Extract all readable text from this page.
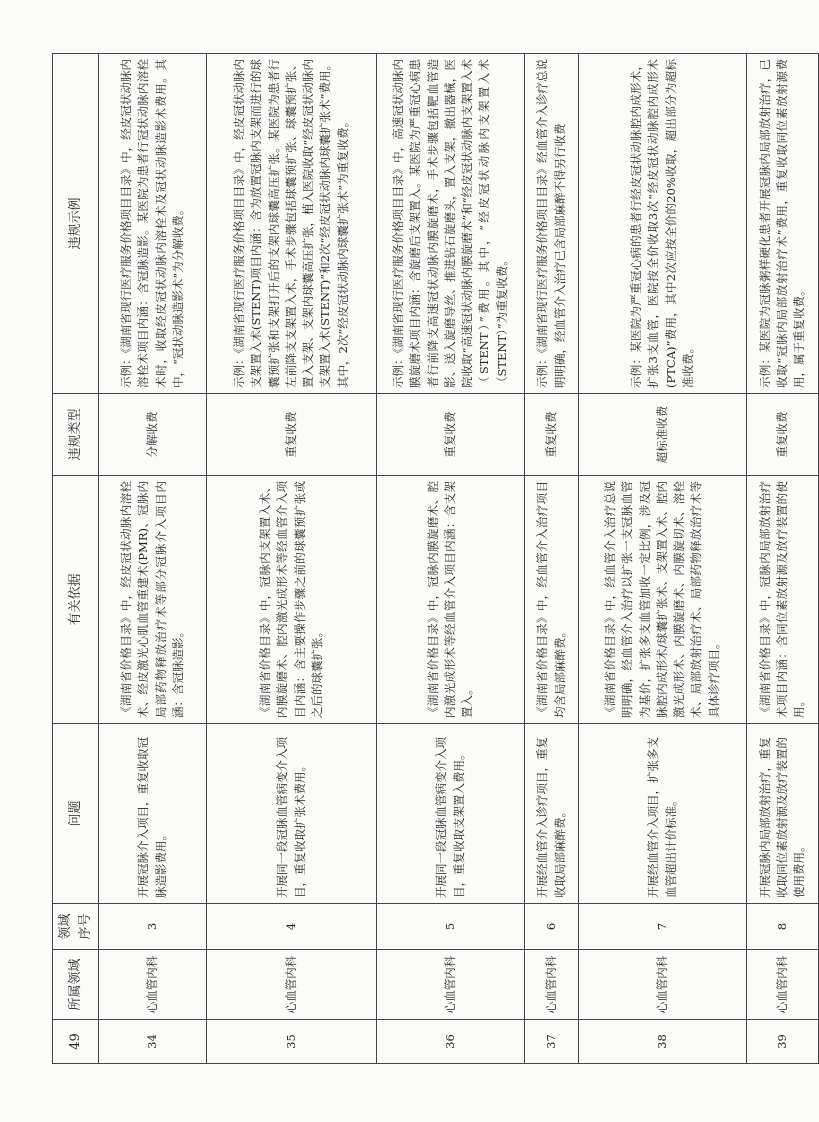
49	所属领域	领域序号	问题	有关依据	违规类型	违规示例
34	心血管内科	3	开展冠脉介入项目，重复收取冠脉造影费用。	《湖南省价格目录》中，经皮冠状动脉内溶栓术、经皮激光心肌血管重建术(PMR)、冠脉内局部药物释放治疗术等部分冠脉介入项目内涵：含冠脉造影。	分解收费	示例：《湖南省现行医疗服务价格项目目录》中，经皮冠状动脉内溶栓术项目内涵：含冠脉造影。某医院为患者行冠状动脉内溶栓术时，收取经皮冠状动脉内溶栓术及冠状动脉造影术费用。其中，“冠状动脉造影术”为分解收费。
35	心血管内科	4	开展同一段冠脉血管病变介入项目，重复收取扩张术费用。	《湖南省价格目录》中，冠脉内支架置入术、内膜旋磨术、腔内激光成形术等经血管介入项目内涵：含主要操作步骤之前的球囊预扩张或之后的球囊扩张。	重复收费	示例：《湖南省现行医疗服务价格项目目录》中，经皮冠状动脉内支架置入术(STENT)项目内涵：含为放置冠脉内支架而进行的球囊预扩张和支架打开后的支架内球囊高压扩张。某医院为患者行左前降支支架置入术，手术步骤包括球囊预扩张、球囊预扩张、置入支架、支架内球囊高压扩张，植入医院收取“经皮冠状动脉内支架置入术(STENT)”和2次“经皮冠状动脉内球囊扩张术”费用。其中，2次“经皮冠状动脉内球囊扩张术”为重复收费。
36	心血管内科	5	开展同一段冠脉血管病变介入项目，重复收取支架置入费用。	《湖南省价格目录》中，冠脉内膜旋磨术、腔内激光成形术等经血管介入项目内涵：含支架置入。	重复收费	示例：《湖南省现行医疗服务价格项目目录》中，高速冠状动脉内膜旋磨术项目内涵：含旋磨后支架置入。某医院为严重冠心病患者行前降支高速冠状动脉内膜旋磨术，手术步骤包括靶血管造影、送入旋磨导丝、推进钻石旋磨头，置入支架，撤出器械，医院收取“高速冠状动脉内膜旋磨术”和“经皮冠状动脉内支架置入术（STENT）”费用。其中，“经皮冠状动脉内支架置入术（STENT）”为重复收费。
37	心血管内科	6	开展经血管介入诊疗项目，重复收取局部麻醉费。	《湖南省价格目录》中，经血管介入治疗项目均含局部麻醉费。	重复收费	示例：《湖南省现行医疗服务价格项目目录》经血管介入诊疗总说明明确，经血管介入治疗已含局部麻醉不得另行收费
38	心血管内科	7	开展经血管介入项目，扩张多支血管超出计价标准。	《湖南省价格目录》中，经血管介入治疗总说明明确，经血管介入治疗以扩张一支冠脉血管为基价，扩张多支血管加收一定比例，涉及冠脉腔内成形术/球囊扩张术、支架置入术、腔内激光成形术、内膜旋磨术、内膜旋切术、溶栓术、局部放射治疗术、局部药物释放治疗术等具体诊疗项目。	超标准收费	示例：某医院为严重冠心病的患者行经皮冠状动脉腔内成形术，扩张3支血管，医院按全价收取3次“经皮冠状动脉腔内成形术(PTCA)”费用，其中2次应按全价的20%收取，超出部分为超标准收费。
39	心血管内科	8	开展冠脉内局部放射治疗，重复收取同位素放射源及放疗装置的使用费用。	《湖南省价格目录》中，冠脉内局部放射治疗术项目内涵：含同位素放射源及放疗装置的使用。	重复收费	示例：某医院为冠脉粥样硬化患者开展冠脉内局部放射治疗，已收取“冠脉内局部放射治疗术”费用，重复收取同位素放射源费用，属于重复收费。
